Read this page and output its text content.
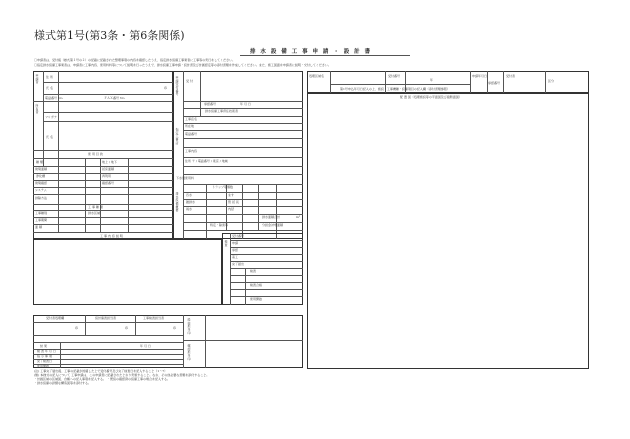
様式第1号(第3条・第6条関係)
排 水 設 備 工 事 申 請 ・ 設 計 書
〇申請者は、受付後（様式第１号の２）の記載に記載された整理事項の内容を確認したうえ、指定排水設備工事業者に工事等の実行をしてください。
〇指定排水設備工事業者は、申請者に工事内容、使用料料等について説明を行ったうえで、排水設備工事申請・設計書及び計画認定等の添付書類を作成してください。また、施工図面を申請者に説明・交付してください。
申請者 住 所
氏 名
電話番号 No.	ＦＡＸ番号 No.
フリガナ
所有者
氏 名
印
使 用 目 的
種 類	地上 / 地下
建築面積	延床面積
浄化槽	再利用
建築確認	確認番号
システム
排除方法
工 事 種 類
工事種別	排水区域
工事期間
面 積
工 事 内 容 説 明
申請受付番号 受 付
年 月 日
承認番号
排水設備工事責任技術者
指定工事店
工事店名
所在地
電話番号
工事内容
住所 〒 / 電話番号 / 東京 / 地域
下水道使用料
トラップ等個数
排水設備概要 汚水
雑排水
雨水
ます
管 延 長
内径
排水面積合計	m²
特定・除害等	分担金対象面積
検査
受付番号
申請
承認
着工
完了届出
検査
検査合格
使用開始
処理区域名	受付番号	申請年月日
承認番号
受付者
区分
年
第1号申込年月日記入の上、施設・工事機種・設備項目の記入欄（添付書類参照）
配 置 図（処理施設等の平面図及び縦断面図）
受付者処理欄	設計審査担当者	工事検査担当者
印	印	印
結 果
検 査 年 月 日
指 示 事 項
完了検査日
使用開始
年 月 日
経由担当印
確認担当印
(注) 工事完了届出後、工事の記載が的確した上で受付番号及び完了検査日を記入すること（1～7）
(無) 本様式の記入について 工事申請は、この申請書に記載されたとおり実施すること。なお、その他必要な書類を添付すること。
・計画区域の区域図、台帳への記入事項を記入する。 ・既設の確認済の設備工事の場合を記入する。
・排水設備の詳細な構造図等を添付する。
